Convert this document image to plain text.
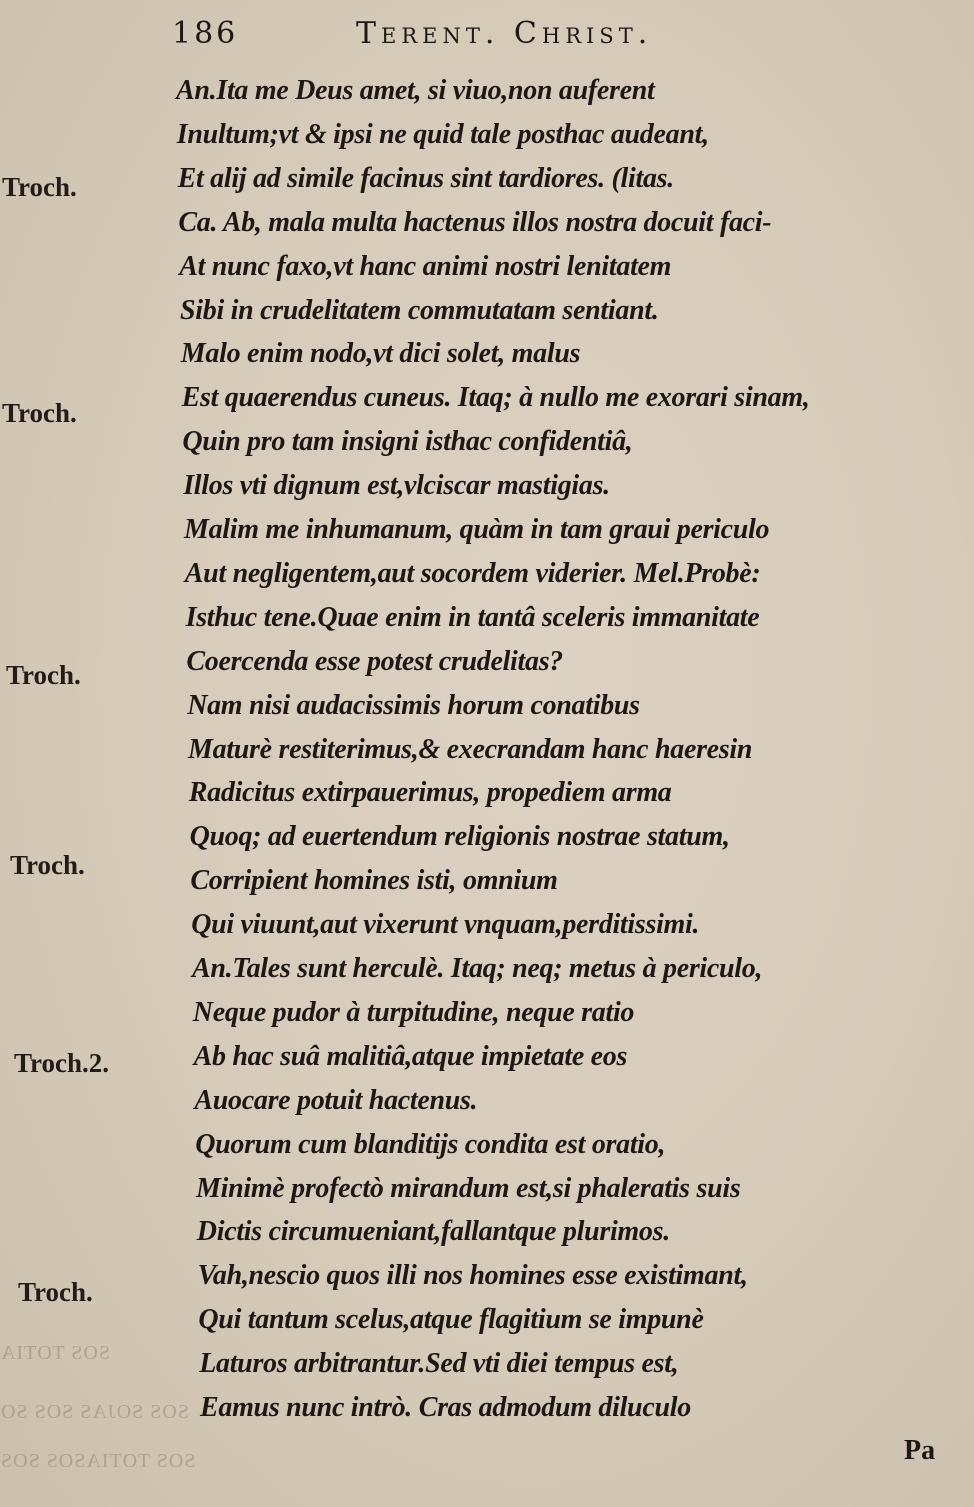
186	Terent. Christ.

An.Ita me Deus amet, si viuo,non auferent

Inultum;vt & ipsi ne quid tale posthac audeant,

Et alij ad simile facinus sint tardiores. (litas.

Ca. Ab, mala multa hactenus illos nostra docuit faci-

At nunc faxo,vt hanc animi nostri lenitatem

Sibi in crudelitatem commutatam sentiant.

Malo enim nodo,vt dici solet, malus

Est quaerendus cuneus. Itaq; à nullo me exorari sinam,

Quin pro tam insigni isthac confidentiâ,

Illos vti dignum est,vlciscar mastigias.

Malim me inhumanum, quàm in tam graui periculo

Aut negligentem,aut socordem viderier. Mel.Probè:

Isthuc tene.Quae enim in tantâ sceleris immanitate

Coercenda esse potest crudelitas?

Nam nisi audacissimis horum conatibus

Maturè restiterimus,& execrandam hanc haeresin

Radicitus extirpauerimus, propediem arma

Quoq; ad euertendum religionis nostrae statum,

Corripient homines isti, omnium

Qui viuunt,aut vixerunt vnquam,perditissimi.

An.Tales sunt herculè. Itaq; neq; metus à periculo,

Neque pudor à turpitudine, neque ratio

Ab hac suâ malitiâ,atque impietate eos

Auocare potuit hactenus.

Quorum cum blanditijs condita est oratio,

Minimè profectò mirandum est,si phaleratis suis

Dictis circumueniant,fallantque plurimos.

Vah,nescio quos illi nos homines esse existimant,

Qui tantum scelus,atque flagitium se impunè

Laturos arbitrantur.Sed vti diei tempus est,

Eamus nunc intrò. Cras admodum diluculo

Troch.

Troch.

Troch.

Troch.

Troch.2.

Troch.

SOS TOTIA

SOS SOJAS SOS SO

SOS TOTIASOS SOS	Pa
